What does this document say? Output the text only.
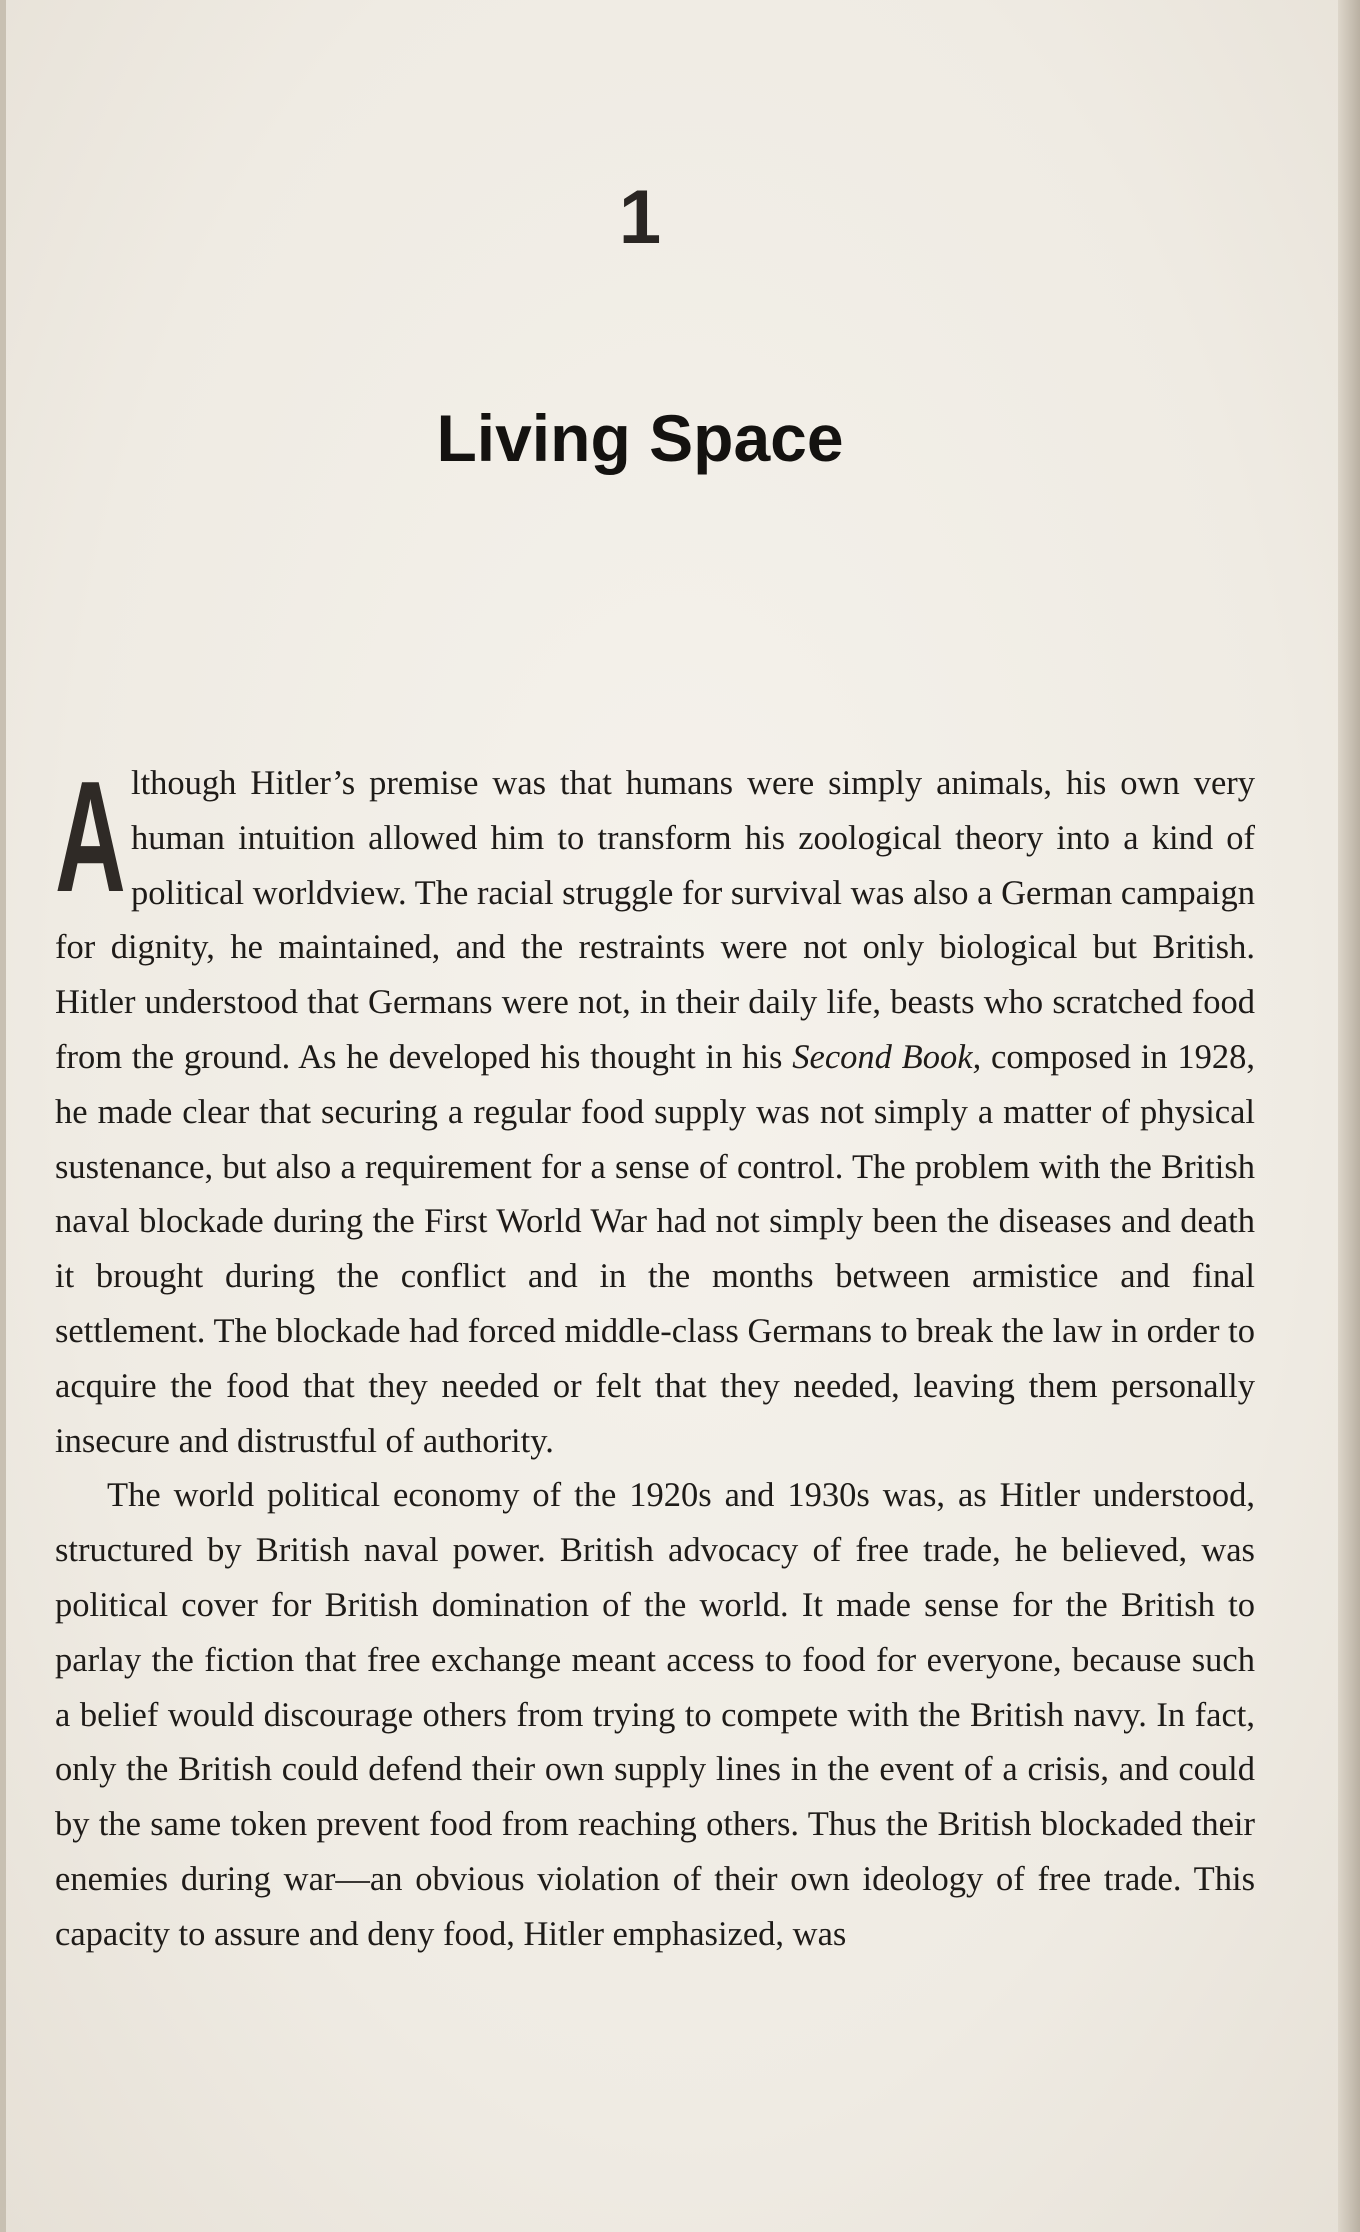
1
Living Space

Although Hitler’s premise was that humans were simply animals, his own very human intuition allowed him to transform his zoological theory into a kind of political worldview. The racial struggle for survival was also a German campaign for dignity, he maintained, and the restraints were not only biological but British. Hitler understood that Germans were not, in their daily life, beasts who scratched food from the ground. As he developed his thought in his Second Book, composed in 1928, he made clear that securing a regular food supply was not simply a matter of physical sustenance, but also a requirement for a sense of control. The problem with the British naval blockade during the First World War had not simply been the diseases and death it brought during the conflict and in the months between armistice and final settlement. The blockade had forced middle-class Germans to break the law in order to acquire the food that they needed or felt that they needed, leaving them personally insecure and distrustful of authority.

The world political economy of the 1920s and 1930s was, as Hitler understood, structured by British naval power. British advocacy of free trade, he believed, was political cover for British domination of the world. It made sense for the British to parlay the fiction that free exchange meant access to food for everyone, because such a belief would discourage others from trying to compete with the British navy. In fact, only the British could defend their own supply lines in the event of a crisis, and could by the same token prevent food from reaching others. Thus the British blockaded their enemies during war—an obvious violation of their own ideology of free trade. This capacity to assure and deny food, Hitler emphasized, was
